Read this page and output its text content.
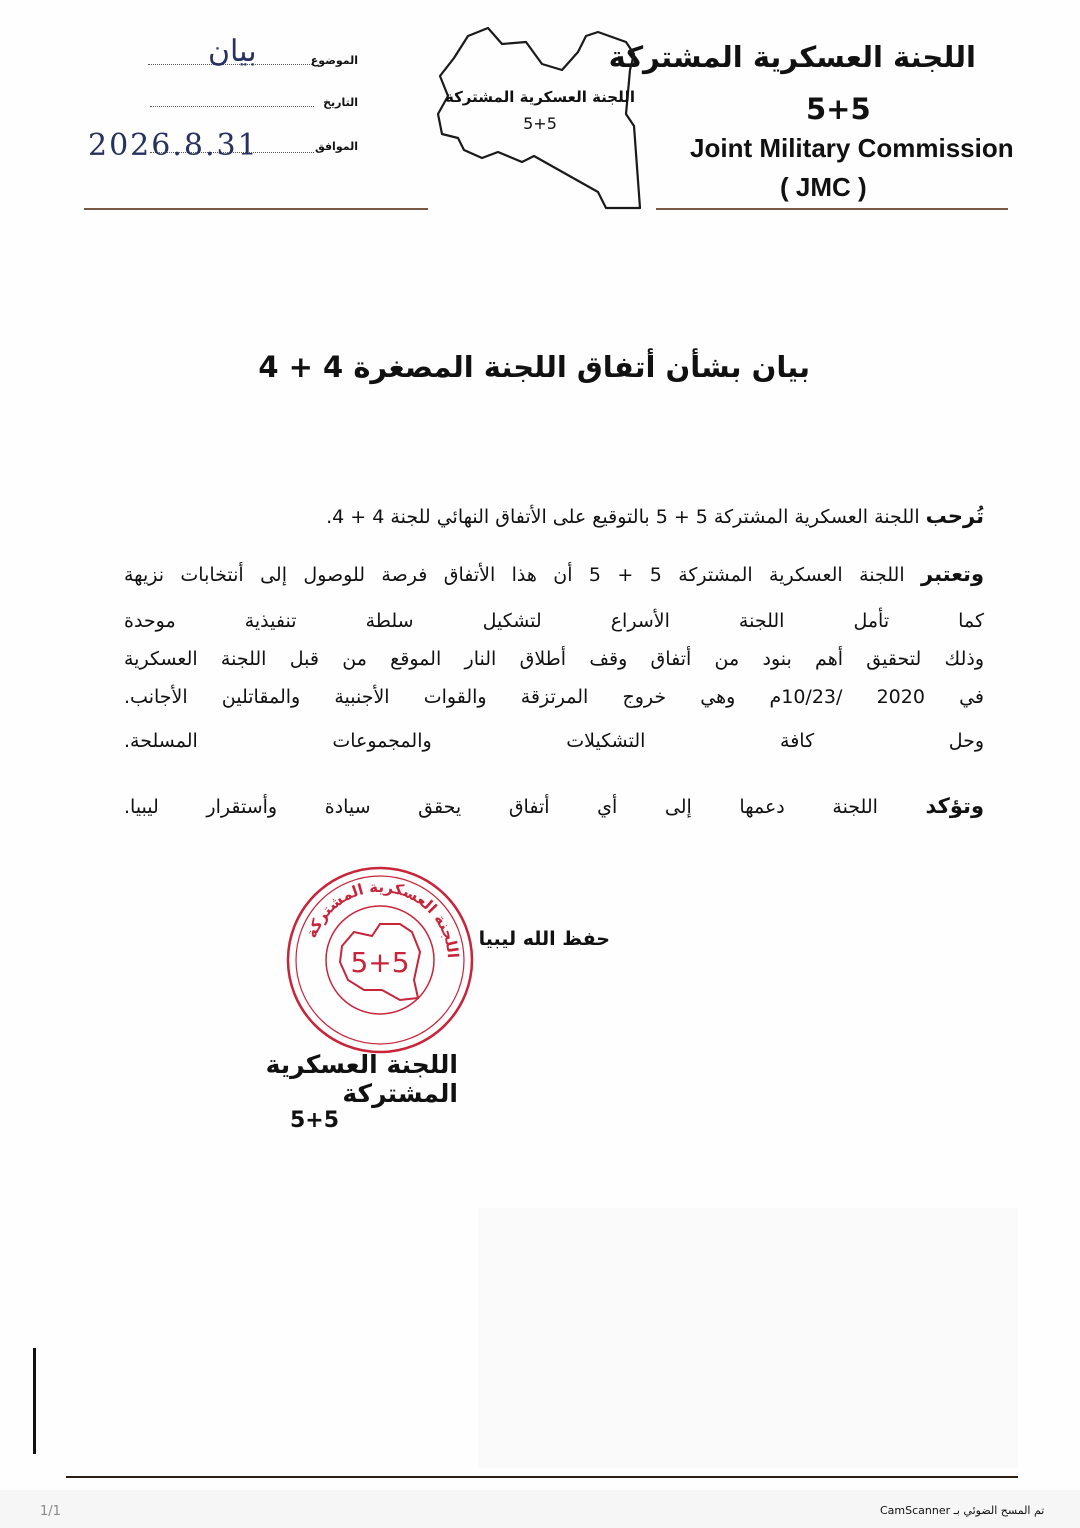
اللجنة العسكرية المشتركة
5+5
Joint Military Commission
( JMC )
اللجنة العسكرية المشتركة
5+5
الموضوع
بيان
التاريخ
الموافق
2026.8.31
بيان بشأن أتفاق اللجنة المصغرة 4 + 4
تُرحب اللجنة العسكرية المشتركة 5 + 5 بالتوقيع على الأتفاق النهائي للجنة 4 + 4.
وتعتبر اللجنة العسكرية المشتركة 5 + 5 أن هذا الأتفاق فرصة للوصول إلى أنتخابات نزيهة
كما تأمل اللجنة الأسراع لتشكيل سلطة تنفيذية موحدة
وذلك لتحقيق أهم بنود من أتفاق وقف أطلاق النار الموقع من قبل اللجنة العسكرية
في 2020 /10/23م وهي خروج المرتزقة والقوات الأجنبية والمقاتلين الأجانب.
وحل كافة التشكيلات والمجموعات المسلحة.
وتؤكد اللجنة دعمها إلى أي أتفاق يحقق سيادة وأستقرار ليبيا.
اللجنة العسكرية المشتركة
5+5
حفظ الله ليبيا
اللجنة العسكرية المشتركة
5+5
تم المسح الضوئي بـ CamScanner
1/1
